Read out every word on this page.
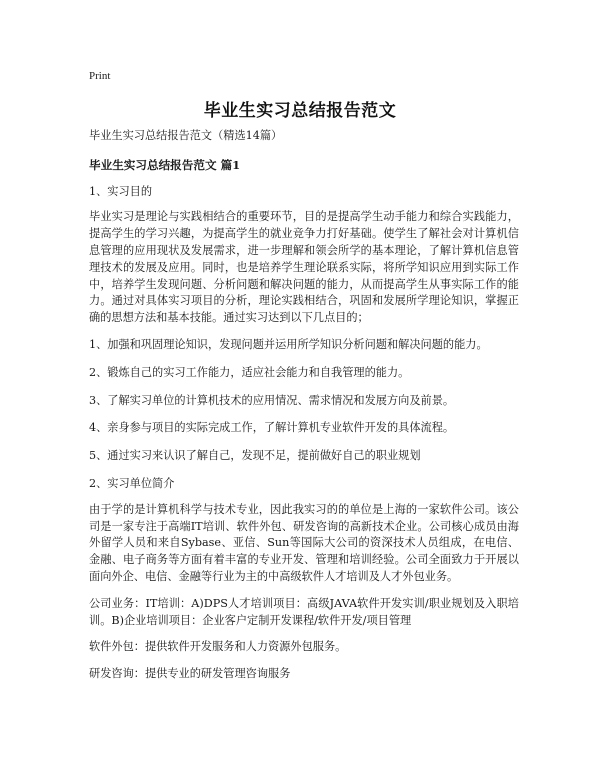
Print
毕业生实习总结报告范文

毕业生实习总结报告范文（精选14篇）

毕业生实习总结报告范文 篇1

1、实习目的

毕业实习是理论与实践相结合的重要环节，目的是提高学生动手能力和综合实践能力，提高学生的学习兴趣，为提高学生的就业竞争力打好基础。使学生了解社会对计算机信息管理的应用现状及发展需求，进一步理解和领会所学的基本理论，了解计算机信息管理技术的发展及应用。同时，也是培养学生理论联系实际，将所学知识应用到实际工作中，培养学生发现问题、分析问题和解决问题的能力，从而提高学生从事实际工作的能力。通过对具体实习项目的分析，理论实践相结合，巩固和发展所学理论知识，掌握正确的思想方法和基本技能。通过实习达到以下几点目的；

1、加强和巩固理论知识，发现问题并运用所学知识分析问题和解决问题的能力。

2、锻炼自己的实习工作能力，适应社会能力和自我管理的能力。

3、了解实习单位的计算机技术的应用情况、需求情况和发展方向及前景。

4、亲身参与项目的实际完成工作，了解计算机专业软件开发的具体流程。

5、通过实习来认识了解自己，发现不足，提前做好自己的职业规划

2、实习单位简介

由于学的是计算机科学与技术专业，因此我实习的的单位是上海的一家软件公司。该公司是一家专注于高端IT培训、软件外包、研发咨询的高新技术企业。公司核心成员由海外留学人员和来自Sybase、亚信、Sun等国际大公司的资深技术人员组成，在电信、金融、电子商务等方面有着丰富的专业开发、管理和培训经验。公司全面致力于开展以面向外企、电信、金融等行业为主的中高级软件人才培训及人才外包业务。

公司业务：IT培训：A)DPS人才培训项目：高级JAVA软件开发实训/职业规划及入职培训。B)企业培训项目：企业客户定制开发课程/软件开发/项目管理

软件外包：提供软件开发服务和人力资源外包服务。

研发咨询：提供专业的研发管理咨询服务
